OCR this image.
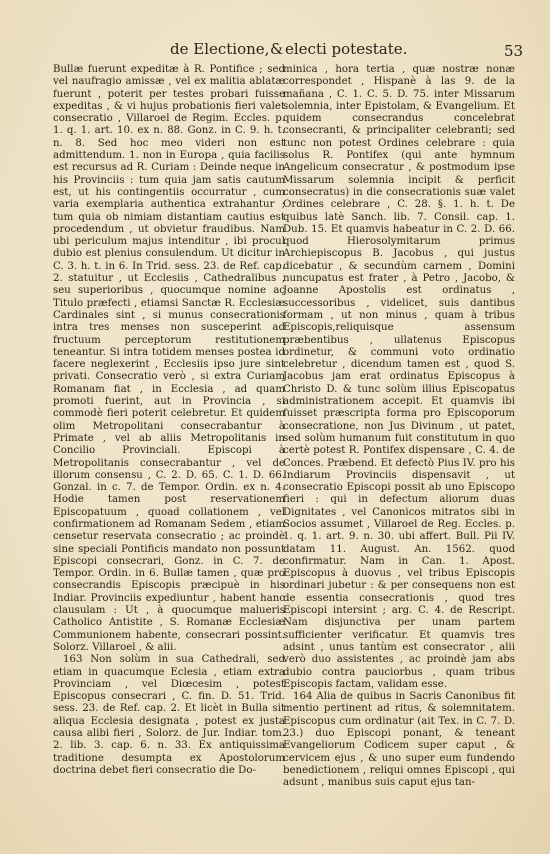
de Electione, & electi potestate.	53

Bullæ fuerunt expeditæ à R. Pontifice ; sed vel naufragio amissæ , vel ex malitia ablatæ fuerunt , poterit per testes probari fuisse expeditas , & vi hujus probationis fieri valet consecratio , Villaroel de Regim. Eccles. p. 1. q. 1. art. 10. ex n. 88. Gonz. in C. 9. h. t. n. 8. Sed hoc meo videri non est admittendum. 1. non in Europa , quia facilis est recursus ad R. Curiam : Deinde neque in his Provinciis : tum quia jam satis cautum est, ut his contingentiis occurratur , cum varia exemplaria authentica extrahantur ; tum quia ob nimiam distantiam cautius est procedendum , ut obvietur fraudibus. Nam ubi periculum majus intenditur , ibi procul dubio est plenius consulendum. Ut dicitur in C. 3. h. t. in 6. In Trid. sess. 23. de Ref. cap. 2. statuitur , ut Ecclesiis , Cathedralibus , seu superioribus , quocumque nomine ac Titulo præfecti , etiamsi Sanctæ R. Ecclesiæ Cardinales sint , si munus consecrationis intra tres menses non susceperint ad fructuum perceptorum restitutionem teneantur. Si intra totidem menses postea id facere neglexerint , Ecclesiis ipso jure sint privati. Consecratio verò , si extra Curiam Romanam fiat , in Ecclesia , ad quam promoti fuerint, aut in Provincia , si commodè fieri poterit celebretur. Et quidem olim Metropolitani consecrabantur à Primate , vel ab aliis Metropolitanis in Concilio Provinciali. Episcopi à Metropolitanis consecrabantur , vel de illorum consensu , C. 2. D. 65. C. 1. D. 66. Gonzal. in c. 7. de Tempor. Ordin. ex n. 4. Hodie tamen post reservationem Episcopatuum , quoad collationem , vel confirmationem ad Romanam Sedem , etiam censetur reservata consecratio ; ac proindè sine speciali Pontificis mandato non possunt Episcopi consecrari, Gonz. in C. 7. de Tempor. Ordin. in 6. Bullæ tamen , quæ pro consecrandis Episcopis præcipuè in his Indiar. Provinciis expediuntur , habent hanc clausulam : Ut , à quocumque malueris Catholico Antistite , S. Romanæ Ecclesiæ Communionem habente, consecrari possint. Solorz. Villaroel , & alii.

163 Non solùm in sua Cathedrali, sed etiam in quacumque Eclesia , etiam extra Provinciam , vel Diœcesim , potest Episcopus consecrari , C. fin. D. 51. Trid. sess. 23. de Ref. cap. 2. Et licèt in Bulla sit aliqua Ecclesia designata , potest ex justa causa alibi fieri , Solorz. de Jur. Indiar. tom. 2. lib. 3. cap. 6. n. 33. Ex antiquissima traditione desumpta ex Apostolorum doctrina debet fieri consecratio die Do-

minica , hora tertia , quæ nostræ nonæ correspondet , Hispanè à las 9. de la mañana , C. 1. C. 5. D. 75. inter Missarum solemnia, inter Epistolam, & Evangelium. Et quidem consecrandus concelebrat consecranti, & principaliter celebranti; sed tunc non potest Ordines celebrare : quia solus R. Pontifex (qui ante hymnum Angelicum consecratur , & postmodum ipse Missarum solemnia incipit & perficit consecratus) in die consecrationis suæ valet Ordines celebrare , C. 28. §. 1. h. t. De quibus latè Sanch. lib. 7. Consil. cap. 1. Dub. 15. Et quamvis habeatur in C. 2. D. 66. quod Hierosolymitarum primus Archiepiscopus B. Jacobus , qui justus dicebatur , & secundùm carnem , Domini nuncupatus est frater , à Petro , Jacobo, & Joanne Apostolis est ordinatus , successoribus , videlicet, suis dantibus formam , ut non minus , quam à tribus Episcopis,reliquisque assensum præbentibus , ullatenus Episcopus ordinetur, & communi voto ordinatio celebretur , dicendum tamen est , quod S. Jacobus jam erat ordinatus Episcopus à Christo D. & tunc solùm illius Episcopatus administrationem accepit. Et quamvis ibi fuisset præscripta forma pro Episcoporum consecratione, non Jus Divinum , ut patet, sed solùm humanum fuit constitutum in quo certè potest R. Pontifex dispensare , C. 4. de Conces. Præbend. Et defectò Pius IV. pro his Indiarum Provinciis dispensavit , ut consecratio Episcopi possit ab uno Episcopo fieri : qui in defectum aliorum duas Dignitates , vel Canonicos mitratos sibi in Socios assumet , Villaroel de Reg. Eccles. p. 1. q. 1. art. 9. n. 30. ubi affert. Bull. Pii IV. datam 11. August. An. 1562. quod confirmatur. Nam in Can. 1. Apost. Episcopus à duovus , vel tribus Episcopis ordinari jubetur : & per consequens non est de essentia consecrationis , quod tres Episcopi intersint ; arg. C. 4. de Rescript. Nam disjunctiva per unam partem sufficienter verificatur. Et quamvis tres adsint , unus tantùm est consecrator , alii verò duo assistentes , ac proindè jam abs dubio contra pauciorbus , quam tribus Episcopis factam, validam esse.

164 Alia de quibus in Sacris Canonibus fit mentio pertinent ad ritus, & solemnitatem. Episcopus cum ordinatur (ait Tex. in C. 7. D. 23.) duo Episcopi ponant, & teneant Evangeliorum Codicem super caput , & cervicem ejus , & uno super eum fundendo benedictionem , reliqui omnes Episcopi , qui adsunt , manibus suis caput ejus tan-
